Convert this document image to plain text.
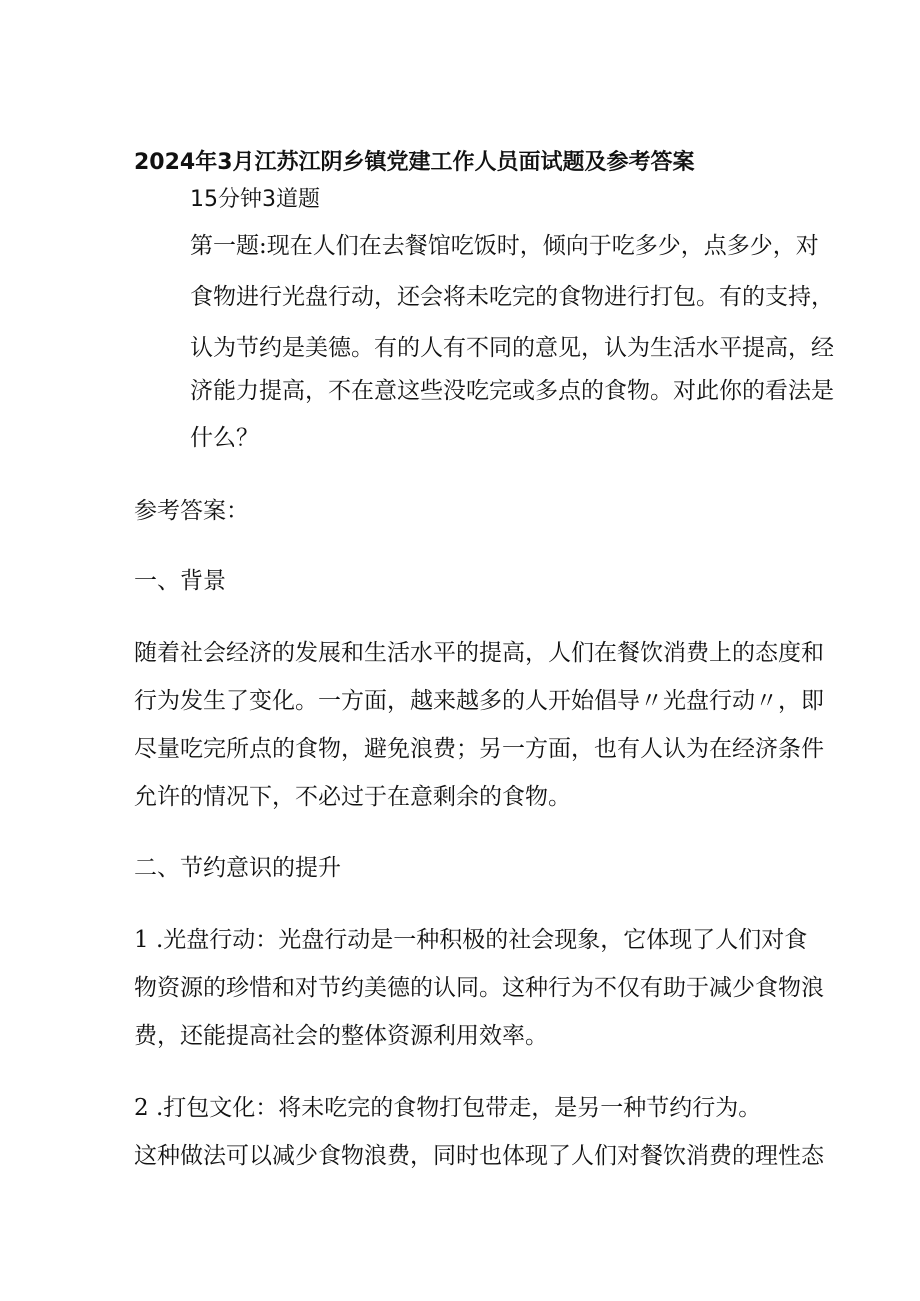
2024年3月江苏江阴乡镇党建工作人员面试题及参考答案
15分钟3道题
第一题:现在人们在去餐馆吃饭时，倾向于吃多少，点多少，对
食物进行光盘行动，还会将未吃完的食物进行打包。有的支持，
认为节约是美德。有的人有不同的意见，认为生活水平提高，经
济能力提高，不在意这些没吃完或多点的食物。对此你的看法是
什么？
参考答案：
一、背景
随着社会经济的发展和生活水平的提高，人们在餐饮消费上的态度和
行为发生了变化。一方面，越来越多的人开始倡导〃光盘行动〃，即
尽量吃完所点的食物，避免浪费；另一方面，也有人认为在经济条件
允许的情况下，不必过于在意剩余的食物。
二、节约意识的提升
1 .光盘行动：光盘行动是一种积极的社会现象，它体现了人们对食
物资源的珍惜和对节约美德的认同。这种行为不仅有助于减少食物浪
费，还能提高社会的整体资源利用效率。
2 .打包文化：将未吃完的食物打包带走，是另一种节约行为。
这种做法可以减少食物浪费，同时也体现了人们对餐饮消费的理性态
